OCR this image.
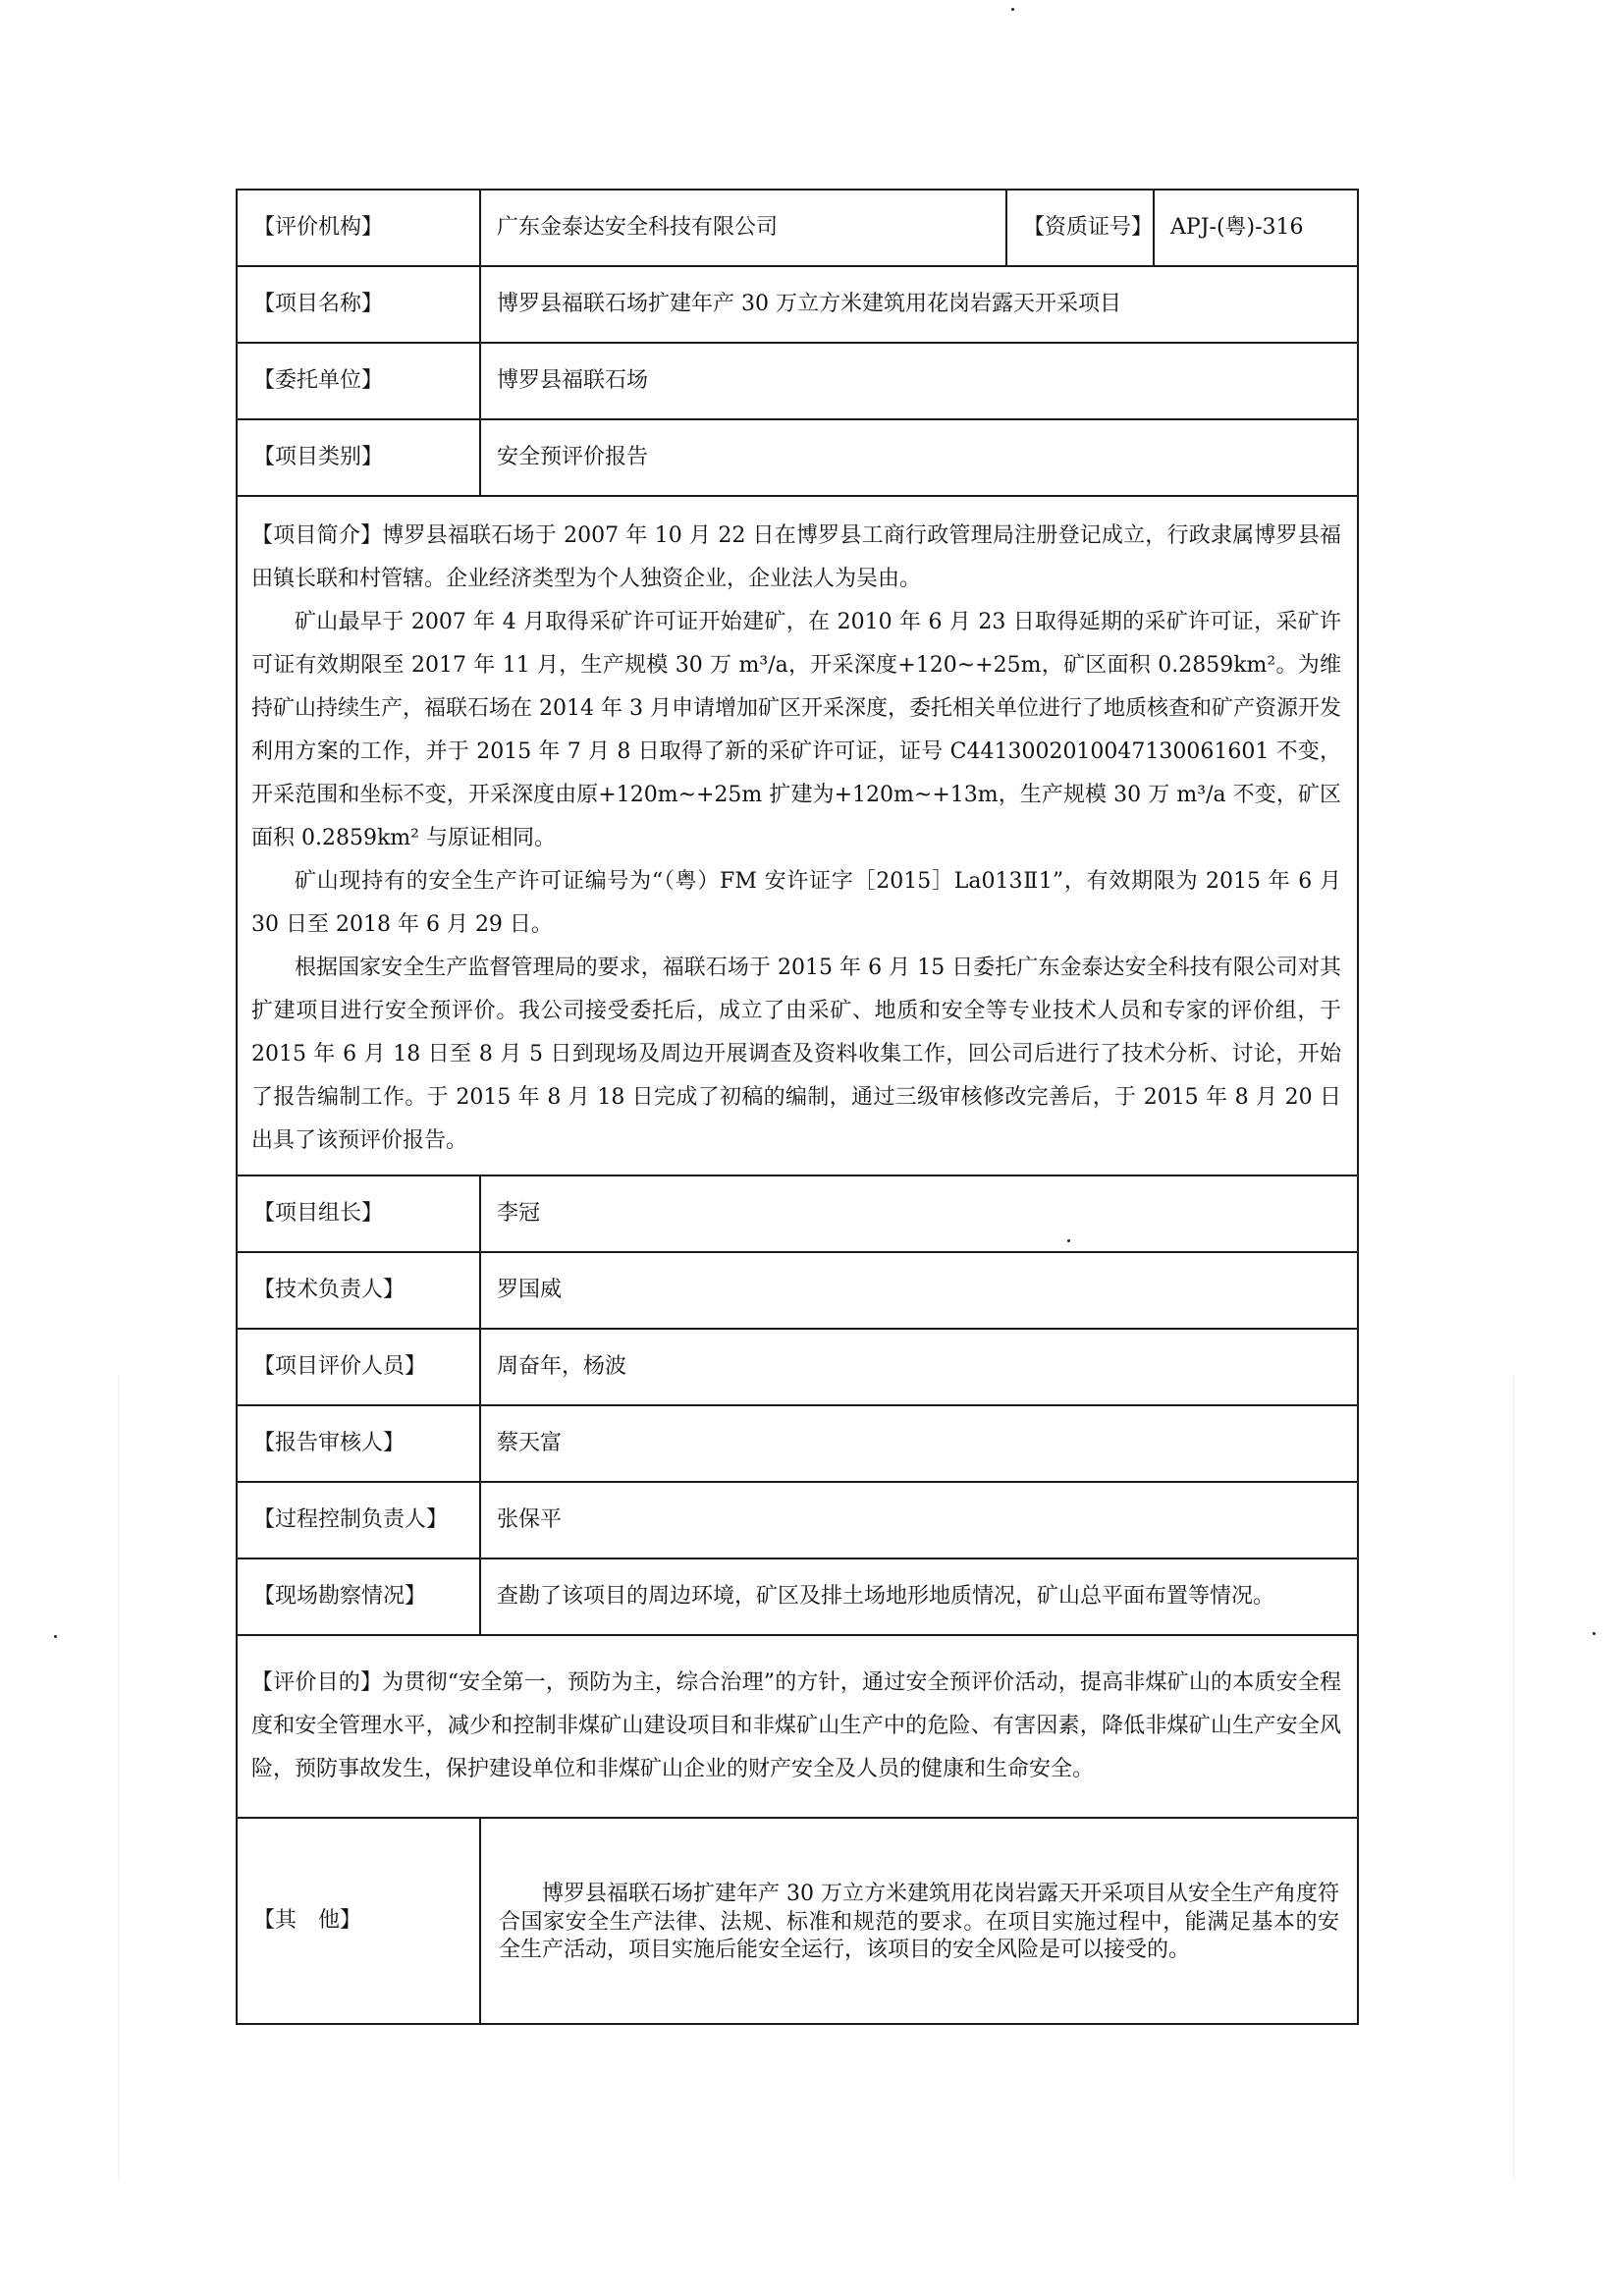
【评价机构】	广东金泰达安全科技有限公司	【资质证号】	APJ-(粤)-316
【项目名称】	博罗县福联石场扩建年产 30 万立方米建筑用花岗岩露天开采项目		
【委托单位】	博罗县福联石场		
【项目类别】	安全预评价报告		

【项目简介】博罗县福联石场于 2007 年 10 月 22 日在博罗县工商行政管理局注册登记成立，行政隶属博罗县福田镇长联和村管辖。企业经济类型为个人独资企业，企业法人为吴由。

矿山最早于 2007 年 4 月取得采矿许可证开始建矿，在 2010 年 6 月 23 日取得延期的采矿许可证，采矿许可证有效期限至 2017 年 11 月，生产规模 30 万 m³/a，开采深度+120~+25m，矿区面积 0.2859km²。为维持矿山持续生产，福联石场在 2014 年 3 月申请增加矿区开采深度，委托相关单位进行了地质核查和矿产资源开发利用方案的工作，并于 2015 年 7 月 8 日取得了新的采矿许可证，证号 C4413002010047130061601 不变，开采范围和坐标不变，开采深度由原+120m~+25m 扩建为+120m~+13m，生产规模 30 万 m³/a 不变，矿区面积 0.2859km² 与原证相同。

矿山现持有的安全生产许可证编号为“（粤）FM 安许证字［2015］La013Ⅱ1”，有效期限为 2015 年 6 月 30 日至 2018 年 6 月 29 日。

根据国家安全生产监督管理局的要求，福联石场于 2015 年 6 月 15 日委托广东金泰达安全科技有限公司对其扩建项目进行安全预评价。我公司接受委托后，成立了由采矿、地质和安全等专业技术人员和专家的评价组，于 2015 年 6 月 18 日至 8 月 5 日到现场及周边开展调查及资料收集工作，回公司后进行了技术分析、讨论，开始了报告编制工作。于 2015 年 8 月 18 日完成了初稿的编制，通过三级审核修改完善后，于 2015 年 8 月 20 日出具了该预评价报告。			

【项目组长】	李冠		
【技术负责人】	罗国威		
【项目评价人员】	周奋年，杨波		
【报告审核人】	蔡天富		
【过程控制负责人】	张保平		
【现场勘察情况】	查勘了该项目的周边环境，矿区及排土场地形地质情况，矿山总平面布置等情况。		

【评价目的】为贯彻“安全第一，预防为主，综合治理”的方针，通过安全预评价活动，提高非煤矿山的本质安全程度和安全管理水平，减少和控制非煤矿山建设项目和非煤矿山生产中的危险、有害因素，降低非煤矿山生产安全风险，预防事故发生，保护建设单位和非煤矿山企业的财产安全及人员的健康和生命安全。			

【其　他】	博罗县福联石场扩建年产 30 万立方米建筑用花岗岩露天开采项目从安全生产角度符合国家安全生产法律、法规、标准和规范的要求。在项目实施过程中，能满足基本的安全生产活动，项目实施后能安全运行，该项目的安全风险是可以接受的。		
